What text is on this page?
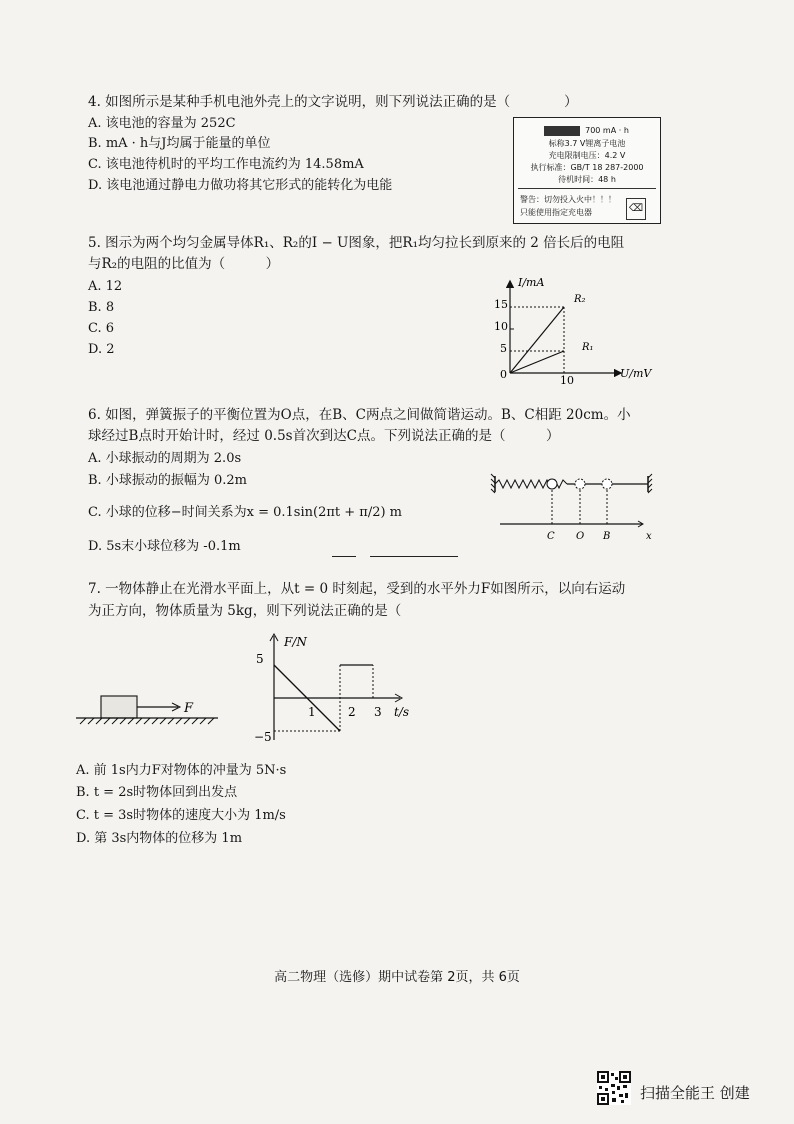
4. 如图所示是某种手机电池外壳上的文字说明，则下列说法正确的是（　　　　）
A. 该电池的容量为 252C
B. mA · h与J均属于能量的单位
C. 该电池待机时的平均工作电流约为 14.58mA
D. 该电池通过静电力做功将其它形式的能转化为电能
700 mA · h
标称3.7 V锂离子电池
充电限制电压：4.2 V
执行标准：GB/T 18 287-2000
待机时间：48 h
警告：切勿投入火中！！！
只能使用指定充电器	⌫
5. 图示为两个均匀金属导体R₁、R₂的I − U图象，把R₁均匀拉长到原来的 2 倍长后的电阻
与R₂的电阻的比值为（　　　）
A. 12
B. 8
C. 6
D. 2
I/mA
U/mV
15
10
5
10
0
R₂
R₁
6. 如图，弹簧振子的平衡位置为O点，在B、C两点之间做简谐运动。B、C相距 20cm。小
球经过B点时开始计时，经过 0.5s首次到达C点。下列说法正确的是（　　　）
A. 小球振动的周期为 2.0s
B. 小球振动的振幅为 0.2m
C. 小球的位移−时间关系为x = 0.1sin(2πt + π/2) m
D. 5s末小球位移为 -0.1m
C O B	x
7. 一物体静止在光滑水平面上，从t = 0 时刻起，受到的水平外力F如图所示，以向右运动
为正方向，物体质量为 5kg，则下列说法正确的是（
F
F/N
t/s
5
−5
1	2 3
A. 前 1s内力F对物体的冲量为 5N·s
B. t = 2s时物体回到出发点
C. t = 3s时物体的速度大小为 1m/s
D. 第 3s内物体的位移为 1m
高二物理（选修）期中试卷第 2页，共 6页
扫描全能王 创建
